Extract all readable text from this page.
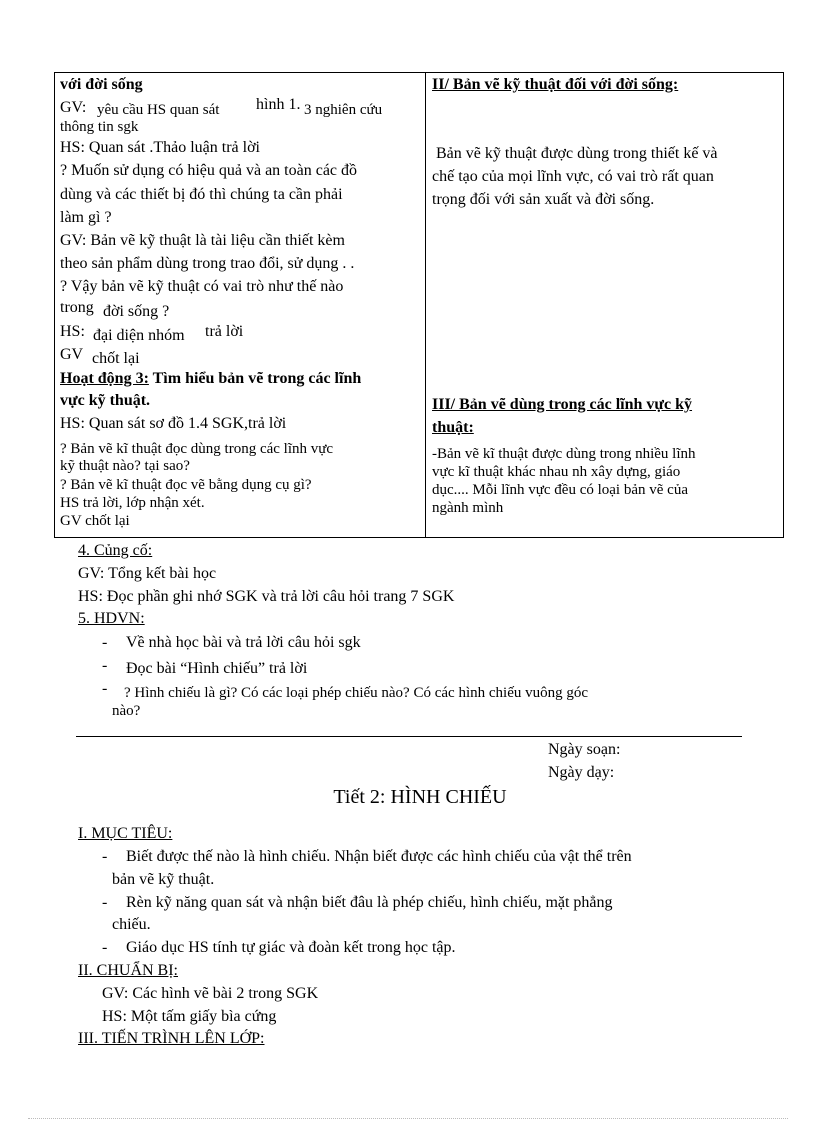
với đời sống
GV: yêu cầu HS quan sát hình 1. 3 nghiên cứu
thông tin sgk
HS: Quan sát .Thảo luận trả lời
? Muốn sử dụng có hiệu quả và an toàn các đồ
dùng và các thiết bị đó thì chúng ta cần phải
làm gì ?
GV: Bản vẽ kỹ thuật là tài liệu cần thiết kèm
theo sản phẩm dùng trong trao đổi, sử dụng . .
? Vậy bản vẽ kỹ thuật có vai trò như thế nào
trong đời sống ?
HS: đại diện nhóm trả lời
GV chốt lại
Hoạt động 3: Tìm hiểu bản vẽ trong các lĩnh
vực kỹ thuật.
HS: Quan sát sơ đồ 1.4 SGK,trả lời
? Bản vẽ kĩ thuật đọc dùng trong các lĩnh vực
kỹ thuật nào? tại sao?
? Bản vẽ kĩ thuật đọc vẽ bằng dụng cụ gì?
HS trả lời, lớp nhận xét.
GV chốt lại
II/ Bản vẽ kỹ thuật đối với đời sống:
Bản vẽ kỹ thuật được dùng trong thiết kế và
chế tạo của mọi lĩnh vực, có vai trò rất quan
trọng đối với sản xuất và đời sống.
III/ Bản vẽ dùng trong các lĩnh vực kỹ
thuật:
-Bản vẽ kĩ thuật được dùng trong nhiều lĩnh
vực kĩ thuật khác nhau nh xây dựng, giáo
dục.... Mỗi lĩnh vực đều có loại bản vẽ của
ngành mình
4. Củng cố:
GV: Tổng kết bài học
HS: Đọc phần ghi nhớ SGK và trả lời câu hỏi trang 7 SGK
5. HDVN:
- Về nhà học bài và trả lời câu hỏi sgk
- Đọc bài “Hình chiếu” trả lời
- ? Hình chiếu là gì? Có các loại phép chiếu nào? Có các hình chiếu vuông góc
nào?
Ngày soạn:
Ngày dạy:
Tiết 2: HÌNH CHIẾU
I. MỤC TIÊU:
- Biết được thế nào là hình chiếu. Nhận biết được các hình chiếu của vật thể trên
bản vẽ kỹ thuật.
- Rèn kỹ năng quan sát và nhận biết đâu là phép chiếu, hình chiếu, mặt phẳng
chiếu.
- Giáo dục HS tính tự giác và đoàn kết trong học tập.
II. CHUẨN BỊ:
GV: Các hình vẽ bài 2 trong SGK
HS: Một tấm giấy bìa cứng
III. TIẾN TRÌNH LÊN LỚP:
